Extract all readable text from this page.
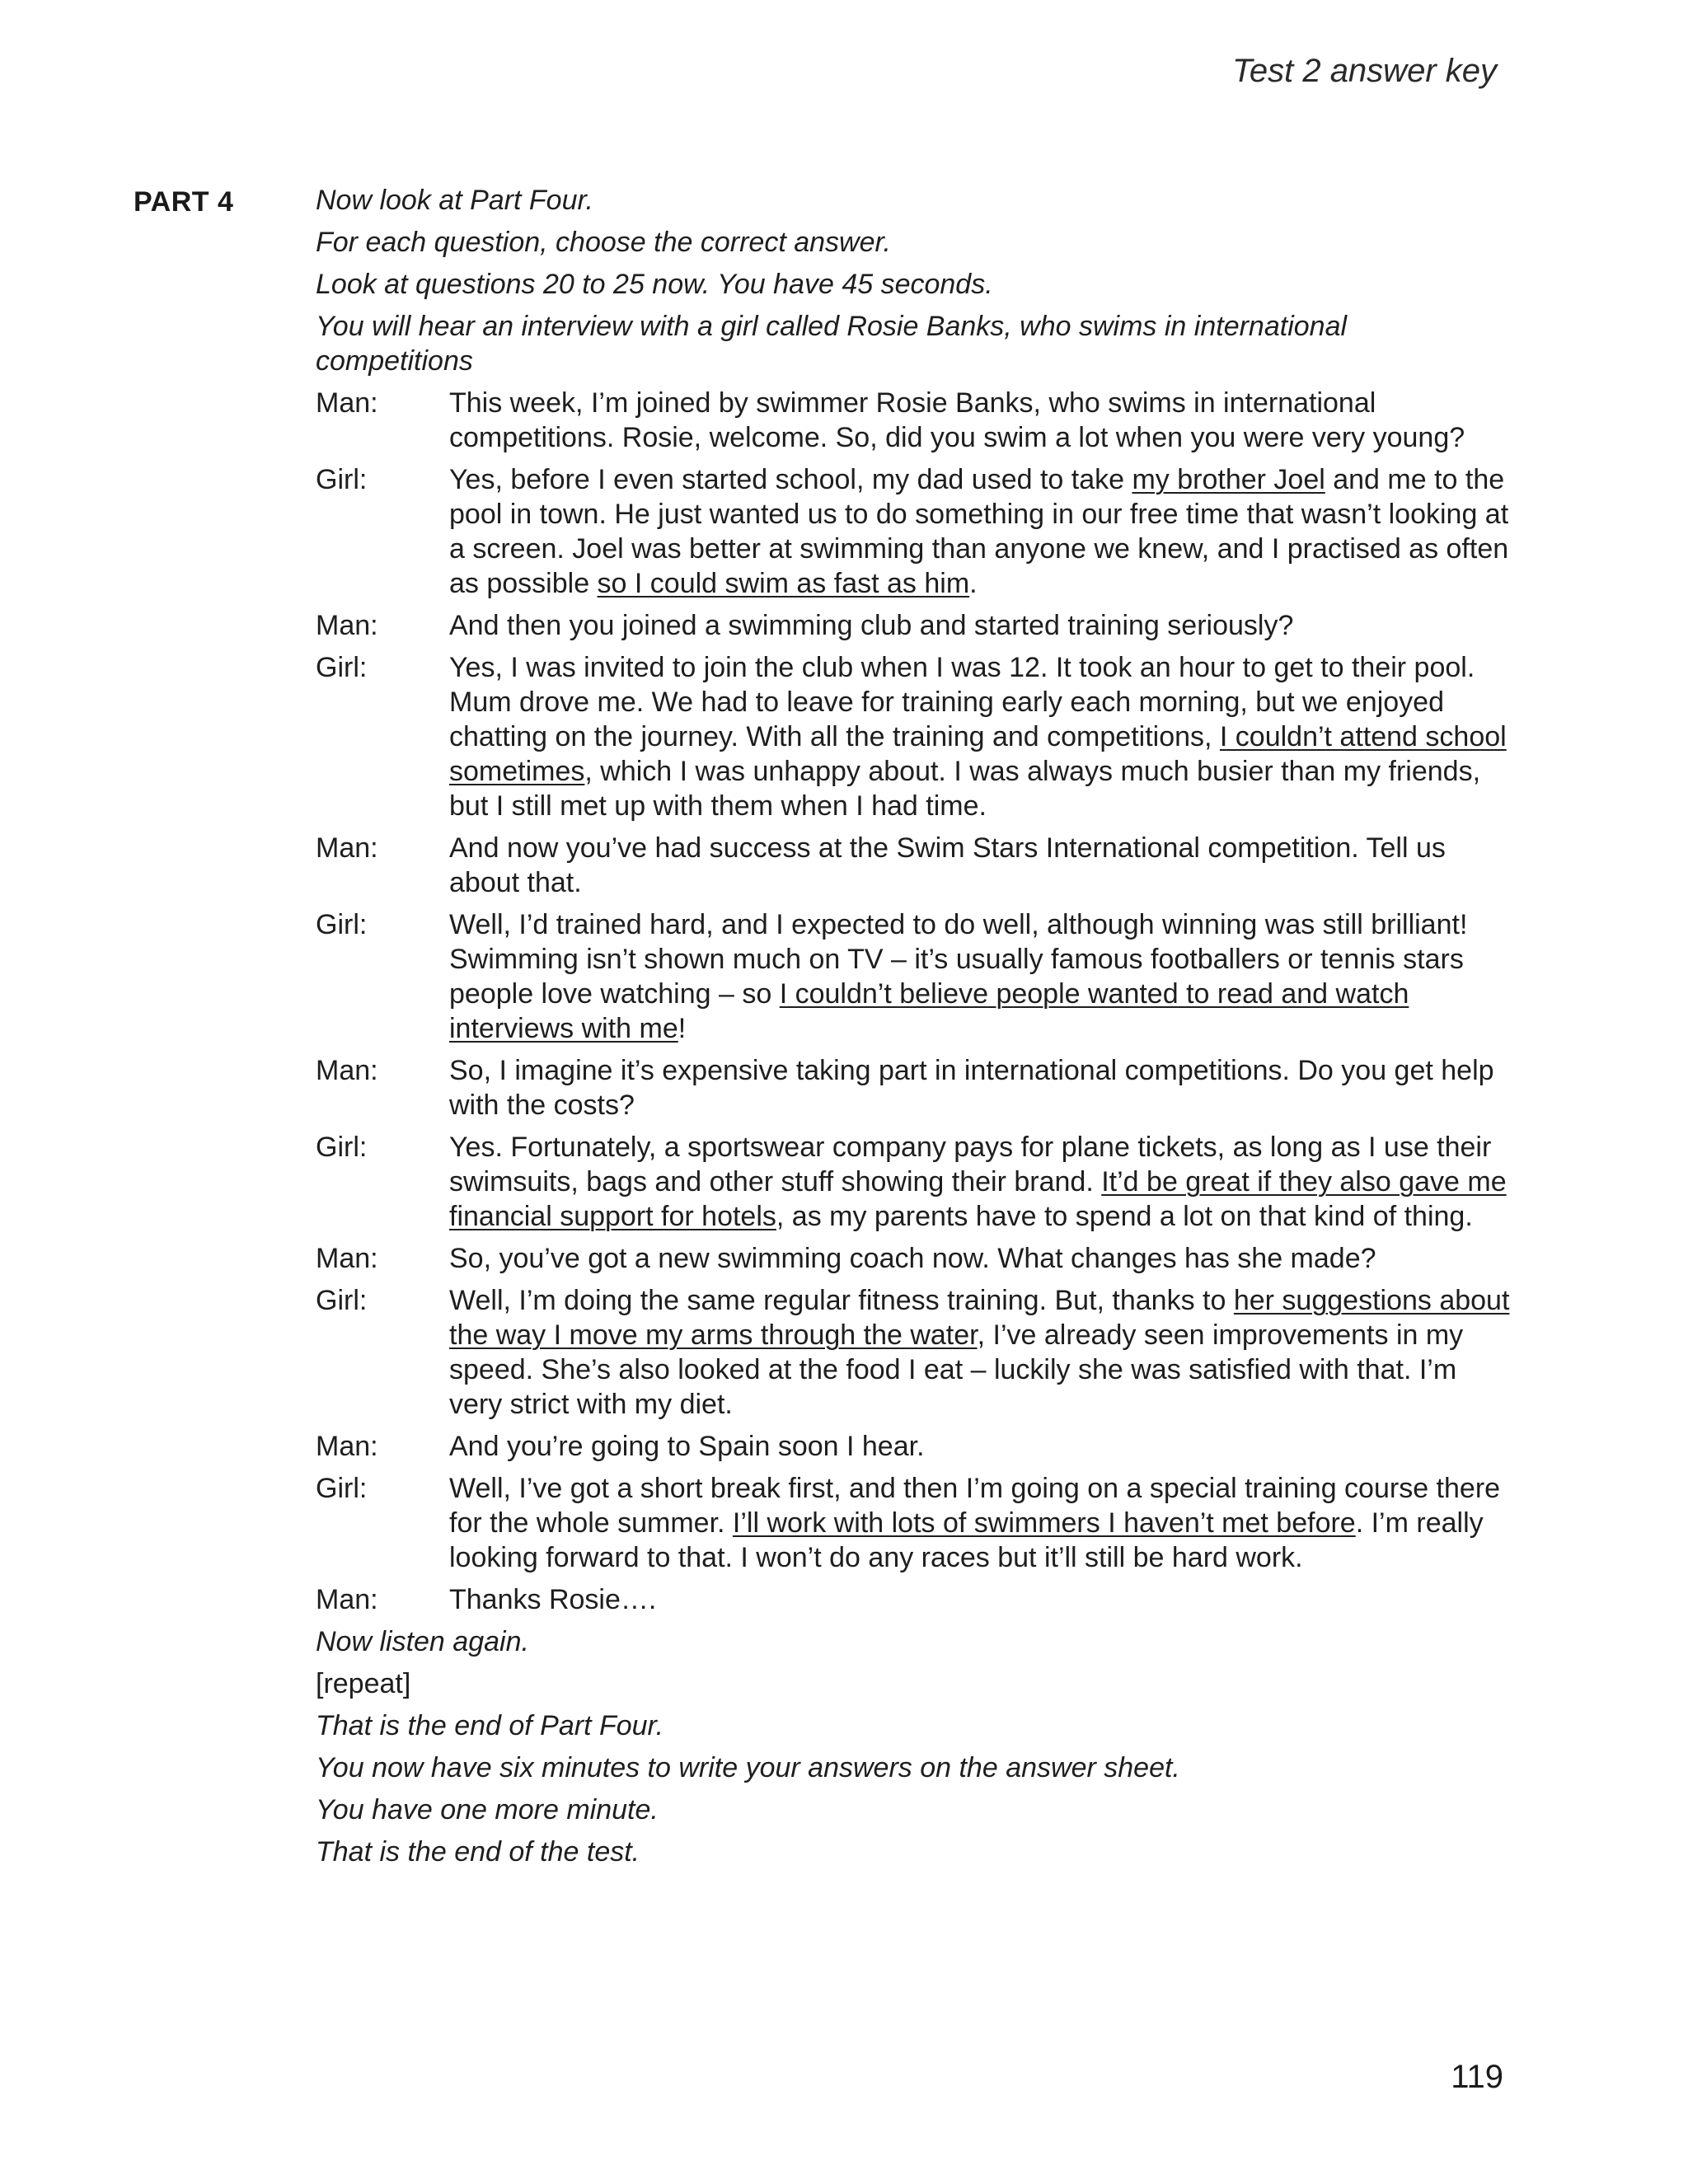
Test 2 answer key
PART 4	Now look at Part Four.

For each question, choose the correct answer.

Look at questions 20 to 25 now. You have 45 seconds.

You will hear an interview with a girl called Rosie Banks, who swims in international competitions

Man:	This week, I’m joined by swimmer Rosie Banks, who swims in international competitions. Rosie, welcome. So, did you swim a lot when you were very young?
Girl:	Yes, before I even started school, my dad used to take my brother Joel and me to the pool in town. He just wanted us to do something in our free time that wasn’t looking at a screen. Joel was better at swimming than anyone we knew, and I practised as often as possible so I could swim as fast as him.
Man:	And then you joined a swimming club and started training seriously?
Girl:	Yes, I was invited to join the club when I was 12. It took an hour to get to their pool. Mum drove me. We had to leave for training early each morning, but we enjoyed chatting on the journey. With all the training and competitions, I couldn’t attend school sometimes, which I was unhappy about. I was always much busier than my friends, but I still met up with them when I had time.
Man:	And now you’ve had success at the Swim Stars International competition. Tell us about that.
Girl:	Well, I’d trained hard, and I expected to do well, although winning was still brilliant! Swimming isn’t shown much on TV – it’s usually famous footballers or tennis stars people love watching – so I couldn’t believe people wanted to read and watch interviews with me!
Man:	So, I imagine it’s expensive taking part in international competitions. Do you get help with the costs?
Girl:	Yes. Fortunately, a sportswear company pays for plane tickets, as long as I use their swimsuits, bags and other stuff showing their brand. It’d be great if they also gave me financial support for hotels, as my parents have to spend a lot on that kind of thing.
Man:	So, you’ve got a new swimming coach now. What changes has she made?
Girl:	Well, I’m doing the same regular fitness training. But, thanks to her suggestions about the way I move my arms through the water, I’ve already seen improvements in my speed. She’s also looked at the food I eat – luckily she was satisfied with that. I’m very strict with my diet.
Man:	And you’re going to Spain soon I hear.
Girl:	Well, I’ve got a short break first, and then I’m going on a special training course there for the whole summer. I’ll work with lots of swimmers I haven’t met before. I’m really looking forward to that. I won’t do any races but it’ll still be hard work.
Man:	Thanks Rosie….

Now listen again.

[repeat]

That is the end of Part Four.

You now have six minutes to write your answers on the answer sheet.

You have one more minute.

That is the end of the test.

119
